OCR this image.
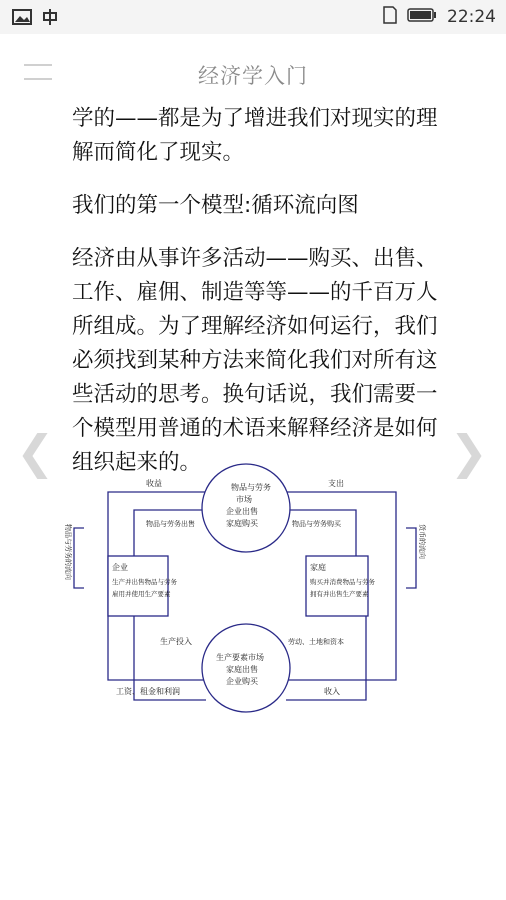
22:24
经济学入门

学的——都是为了增进我们对现实的理解而简化了现实。

我们的第一个模型:循环流向图

经济由从事许多活动——购买、出售、工作、雇佣、制造等等——的千百万人所组成。为了理解经济如何运行，我们必须找到某种方法来简化我们对所有这些活动的思考。换句话说，我们需要一个模型用普通的术语来解释经济是如何组织起来的。

❮	❯
物品与劳务
市场
企业出售
家庭购买
生产要素市场
家庭出售
企业购买
企业
生产并出售物品与劳务
雇用并使用生产要素
家庭
购买并消费物品与劳务
拥有并出售生产要素
收益	支出
物品与劳务出售	物品与劳务购买
生产投入	劳动、土地和资本
工资、租金和利润	收入
物品与劳务的流向	货币的流向
